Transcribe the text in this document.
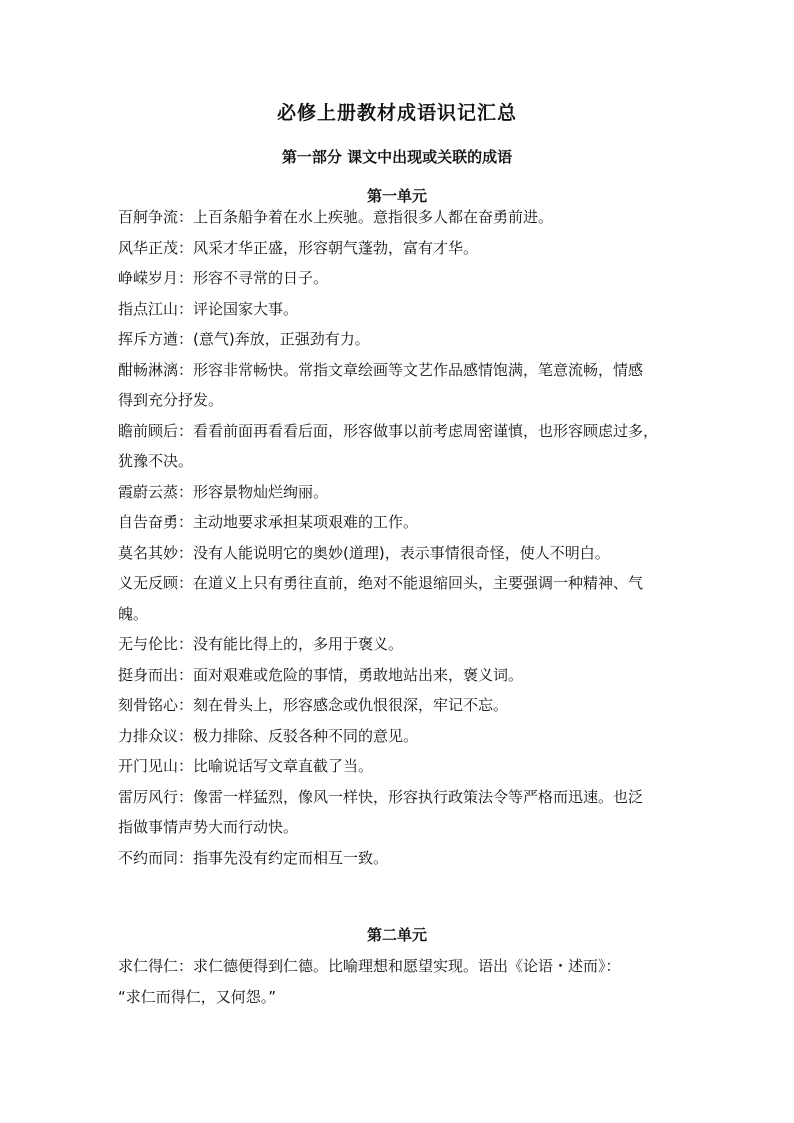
必修上册教材成语识记汇总
第一部分 课文中出现或关联的成语
第一单元

百舸争流：上百条船争着在水上疾驰。意指很多人都在奋勇前进。

风华正茂：风采才华正盛，形容朝气蓬勃，富有才华。

峥嵘岁月：形容不寻常的日子。

指点江山：评论国家大事。

挥斥方遒：(意气)奔放，正强劲有力。

酣畅淋漓：形容非常畅快。常指文章绘画等文艺作品感情饱满，笔意流畅，情感

得到充分抒发。

瞻前顾后：看看前面再看看后面，形容做事以前考虑周密谨慎，也形容顾虑过多，

犹豫不决。

霞蔚云蒸：形容景物灿烂绚丽。

自告奋勇：主动地要求承担某项艰难的工作。

莫名其妙：没有人能说明它的奥妙(道理)，表示事情很奇怪，使人不明白。

义无反顾：在道义上只有勇往直前，绝对不能退缩回头，主要强调一种精神、气

魄。

无与伦比：没有能比得上的，多用于褒义。

挺身而出：面对艰难或危险的事情，勇敢地站出来，褒义词。

刻骨铭心：刻在骨头上，形容感念或仇恨很深，牢记不忘。

力排众议：极力排除、反驳各种不同的意见。

开门见山：比喻说话写文章直截了当。

雷厉风行：像雷一样猛烈，像风一样快，形容执行政策法令等严格而迅速。也泛

指做事情声势大而行动快。

不约而同：指事先没有约定而相互一致。

第二单元

求仁得仁：求仁德便得到仁德。比喻理想和愿望实现。语出《论语・述而》：

“求仁而得仁，又何怨。”
